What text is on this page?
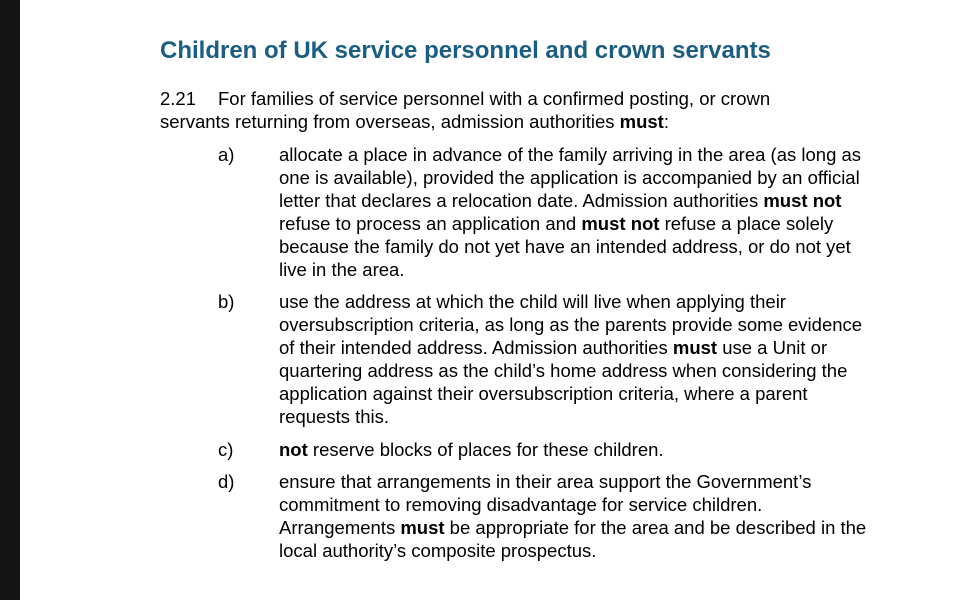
Children of UK service personnel and crown servants

2.21 For families of service personnel with a confirmed posting, or crown
servants returning from overseas, admission authorities must:

a) allocate a place in advance of the family arriving in the area (as long as one is available), provided the application is accompanied by an official letter that declares a relocation date. Admission authorities must not refuse to process an application and must not refuse a place solely because the family do not yet have an intended address, or do not yet live in the area.
b) use the address at which the child will live when applying their oversubscription criteria, as long as the parents provide some evidence of their intended address. Admission authorities must use a Unit or quartering address as the child’s home address when considering the application against their oversubscription criteria, where a parent requests this.
c) not reserve blocks of places for these children.
d) ensure that arrangements in their area support the Government’s commitment to removing disadvantage for service children. Arrangements must be appropriate for the area and be described in the local authority’s composite prospectus.
